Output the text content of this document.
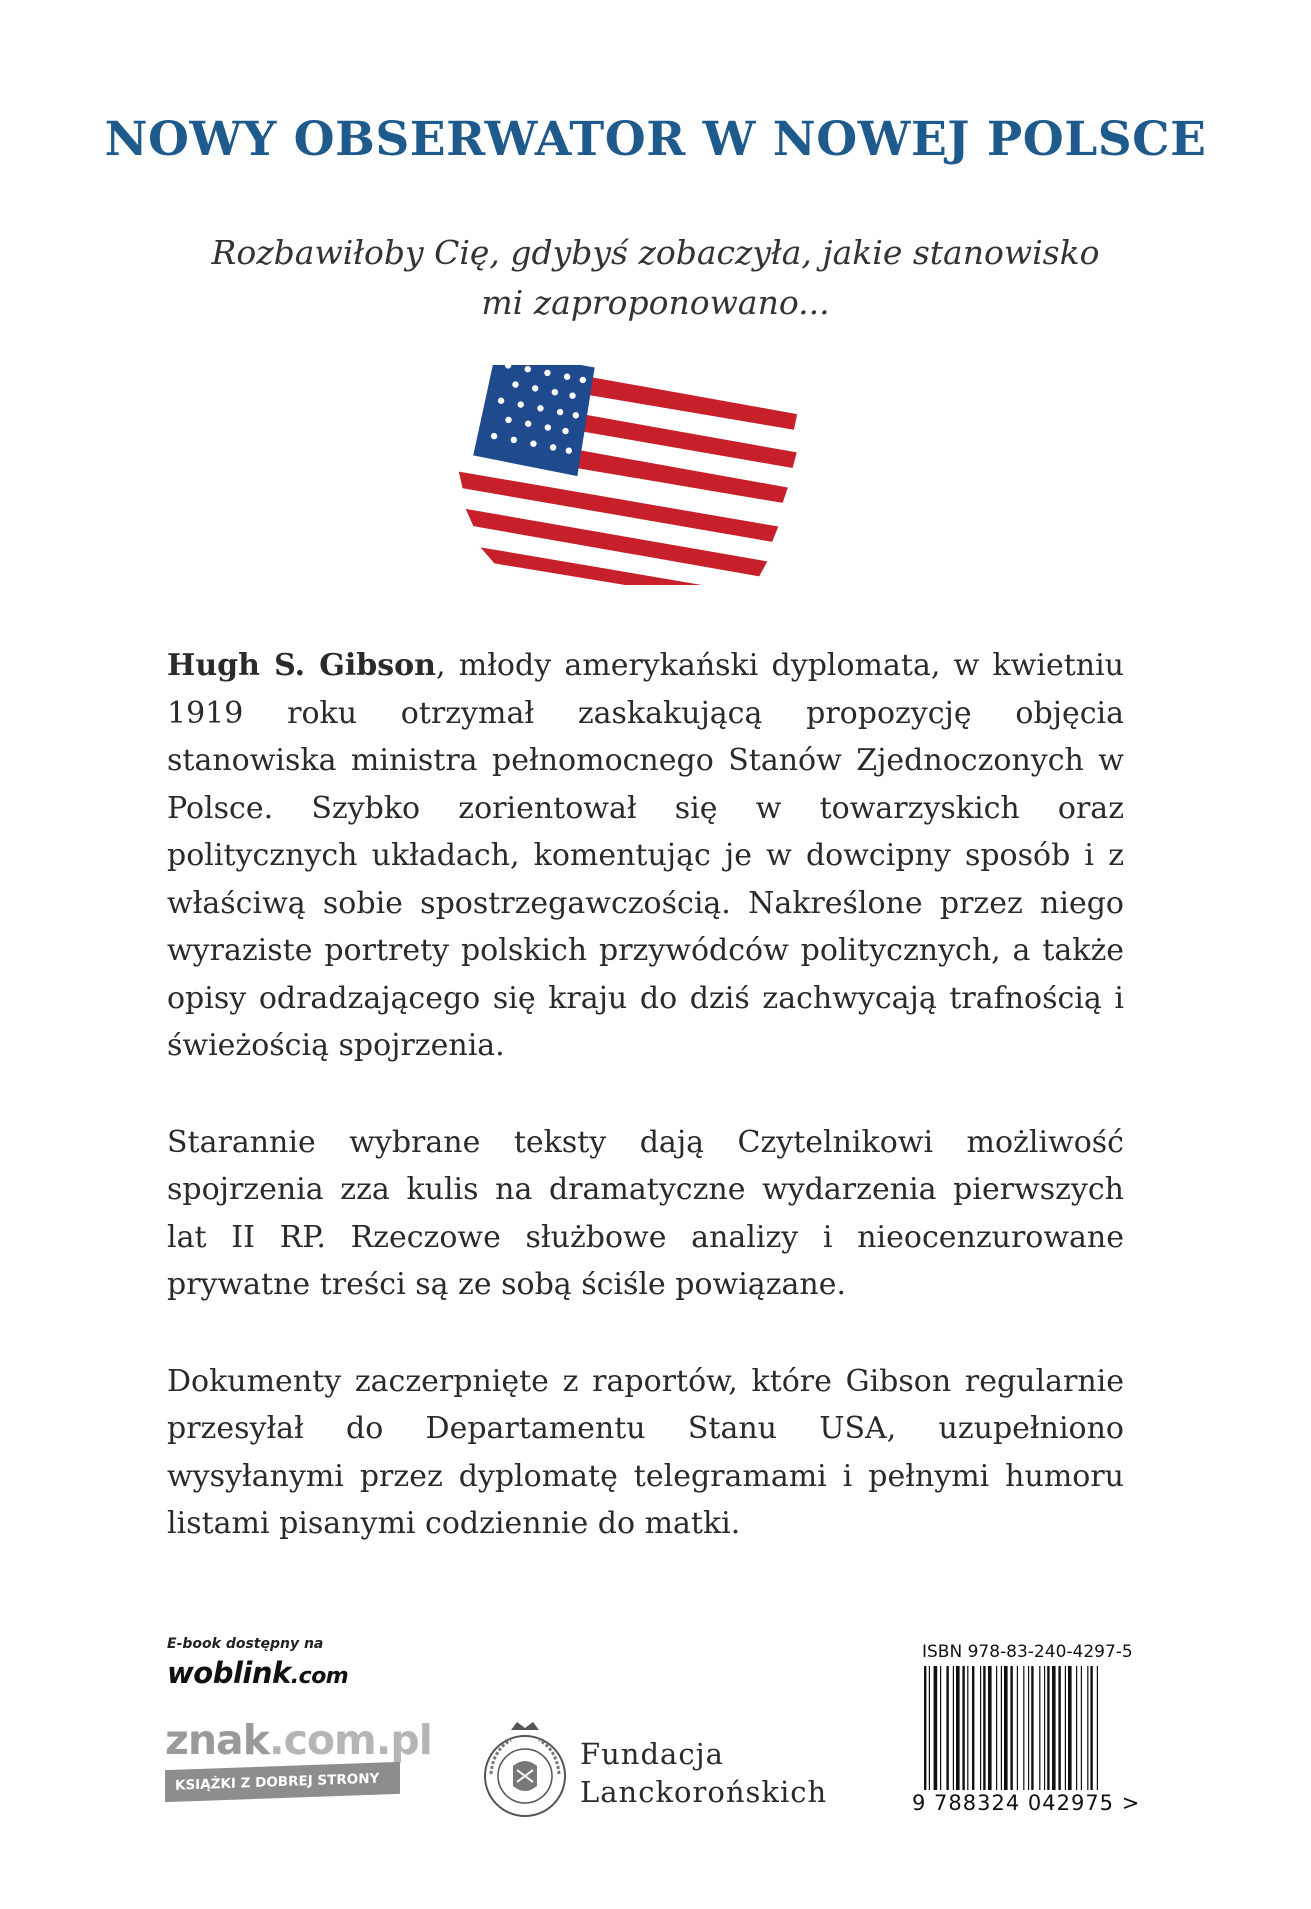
NOWY OBSERWATOR W NOWEJ POLSCE
Rozbawiłoby Cię, gdybyś zobaczyła, jakie stanowisko
mi zaproponowano...

Hugh S. Gibson, młody amerykański dyplomata, w kwietniu 1919 roku otrzymał zaskakującą propozycję objęcia stanowiska ministra pełnomocnego Stanów Zjednoczonych w Polsce. Szybko zorientował się w towarzyskich oraz politycznych układach, komentując je w dowcipny sposób i z właściwą sobie spostrzegawczością. Nakreślone przez niego wyraziste portrety polskich przywódców politycznych, a także opisy odradzającego się kraju do dziś zachwycają trafnością i świeżością spojrzenia.

Starannie wybrane teksty dają Czytelnikowi możliwość spojrzenia zza kulis na dramatyczne wydarzenia pierwszych lat II RP. Rzeczowe służbowe analizy i nieocenzurowane prywatne treści są ze sobą ściśle powiązane.

Dokumenty zaczerpnięte z raportów, które Gibson regularnie przesyłał do Departamentu Stanu USA, uzupełniono wysyłanymi przez dyplomatę telegramami i pełnymi humoru listami pisanymi codziennie do matki.

E-book dostępny na
woblink.com
znak.com.pl
KSIĄŻKI Z DOBREJ STRONY
Fundacja
Lanckorońskich
ISBN 978-83-240-4297-5
9 788324 042975 >
